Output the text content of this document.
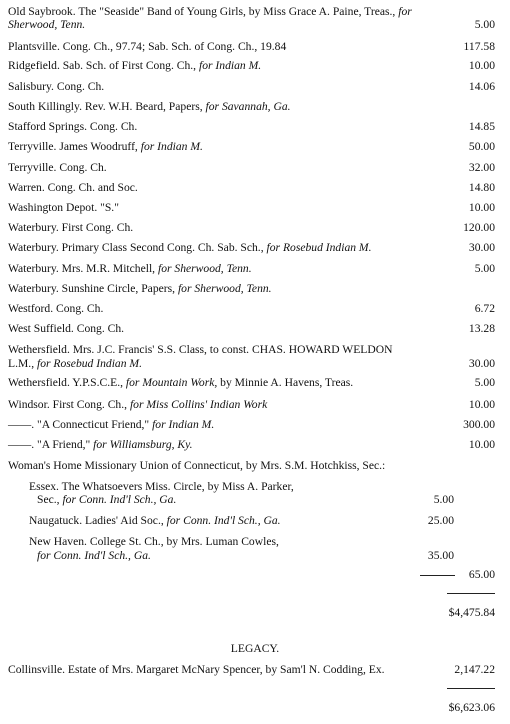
Old Saybrook. The "Seaside" Band of Young Girls, by Miss Grace A. Paine, Treas., for
Sherwood, Tenn.	5.00
Plantsville. Cong. Ch., 97.74; Sab. Sch. of Cong. Ch., 19.84	117.58
Ridgefield. Sab. Sch. of First Cong. Ch., for Indian M.	10.00
Salisbury. Cong. Ch.	14.06
South Killingly. Rev. W.H. Beard, Papers, for Savannah, Ga.
Stafford Springs. Cong. Ch.	14.85
Terryville. James Woodruff, for Indian M.	50.00
Terryville. Cong. Ch.	32.00
Warren. Cong. Ch. and Soc.	14.80
Washington Depot. "S."	10.00
Waterbury. First Cong. Ch.	120.00
Waterbury. Primary Class Second Cong. Ch. Sab. Sch., for Rosebud Indian M.	30.00
Waterbury. Mrs. M.R. Mitchell, for Sherwood, Tenn.	5.00
Waterbury. Sunshine Circle, Papers, for Sherwood, Tenn.
Westford. Cong. Ch.	6.72
West Suffield. Cong. Ch.	13.28
Wethersfield. Mrs. J.C. Francis' S.S. Class, to const. CHAS. HOWARD WELDON
L.M., for Rosebud Indian M.	30.00
Wethersfield. Y.P.S.C.E., for Mountain Work, by Minnie A. Havens, Treas.	5.00
Windsor. First Cong. Ch., for Miss Collins' Indian Work	10.00
——. "A Connecticut Friend," for Indian M.	300.00
——. "A Friend," for Williamsburg, Ky.	10.00
Woman's Home Missionary Union of Connecticut, by Mrs. S.M. Hotchkiss, Sec.:
Essex. The Whatsoevers Miss. Circle, by Miss A. Parker,
Sec., for Conn. Ind'l Sch., Ga.	5.00
Naugatuck. Ladies' Aid Soc., for Conn. Ind'l Sch., Ga.	25.00
New Haven. College St. Ch., by Mrs. Luman Cowles,
for Conn. Ind'l Sch., Ga.	35.00
65.00
$4,475.84
LEGACY.
Collinsville. Estate of Mrs. Margaret McNary Spencer, by Sam'l N. Codding, Ex.	2,147.22
$6,623.06
